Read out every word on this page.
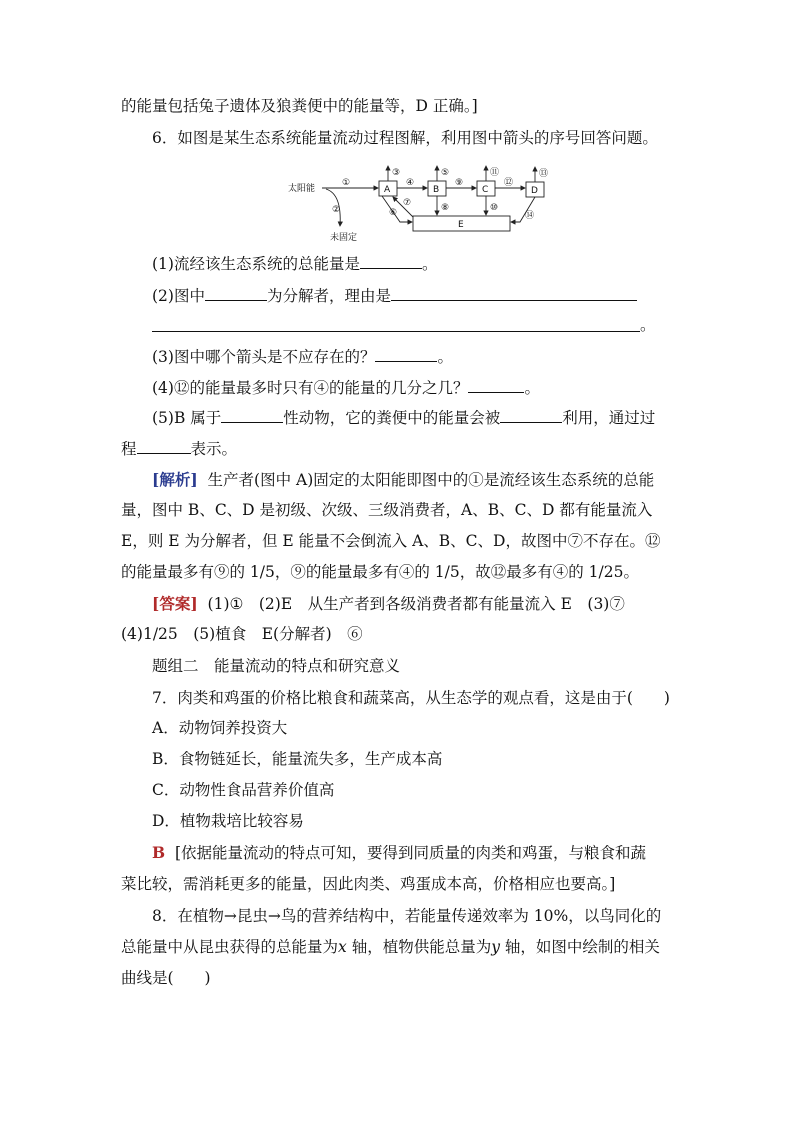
的能量包括兔子遗体及狼粪便中的能量等，D 正确。]
6．如图是某生态系统能量流动过程图解，利用图中箭头的序号回答问题。
太阳能
未固定
A	B	C	D
E
①
②
③
④
⑤
⑥
⑦	⑧
⑨
⑩
⑪
⑫
⑬
⑭
(1)流经该生态系统的总能量是	。
(2)图中	为分解者，理由是
。
(3)图中哪个箭头是不应存在的？	。
(4)⑫的能量最多时只有④的能量的几分之几？	。
(5)B 属于	性动物，它的粪便中的能量会被	利用，通过过
程	表示。
[解析] 生产者(图中 A)固定的太阳能即图中的①是流经该生态系统的总能
量，图中 B、C、D 是初级、次级、三级消费者，A、B、C、D 都有能量流入
E，则 E 为分解者，但 E 能量不会倒流入 A、B、C、D，故图中⑦不存在。⑫
的能量最多有⑨的 1/5，⑨的能量最多有④的 1/5，故⑫最多有④的 1/25。
[答案] (1)①　(2)E　从生产者到各级消费者都有能量流入 E　(3)⑦
(4)1/25　(5)植食　E(分解者)　⑥
题组二　能量流动的特点和研究意义
7．肉类和鸡蛋的价格比粮食和蔬菜高，从生态学的观点看，这是由于(　　)
A．动物饲养投资大
B．食物链延长，能量流失多，生产成本高
C．动物性食品营养价值高
D．植物栽培比较容易
B [依据能量流动的特点可知，要得到同质量的肉类和鸡蛋，与粮食和蔬
菜比较，需消耗更多的能量，因此肉类、鸡蛋成本高，价格相应也要高。]
8．在植物→昆虫→鸟的营养结构中，若能量传递效率为 10%，以鸟同化的
总能量中从昆虫获得的总能量为x 轴，植物供能总量为y 轴，如图中绘制的相关
曲线是(　　)
